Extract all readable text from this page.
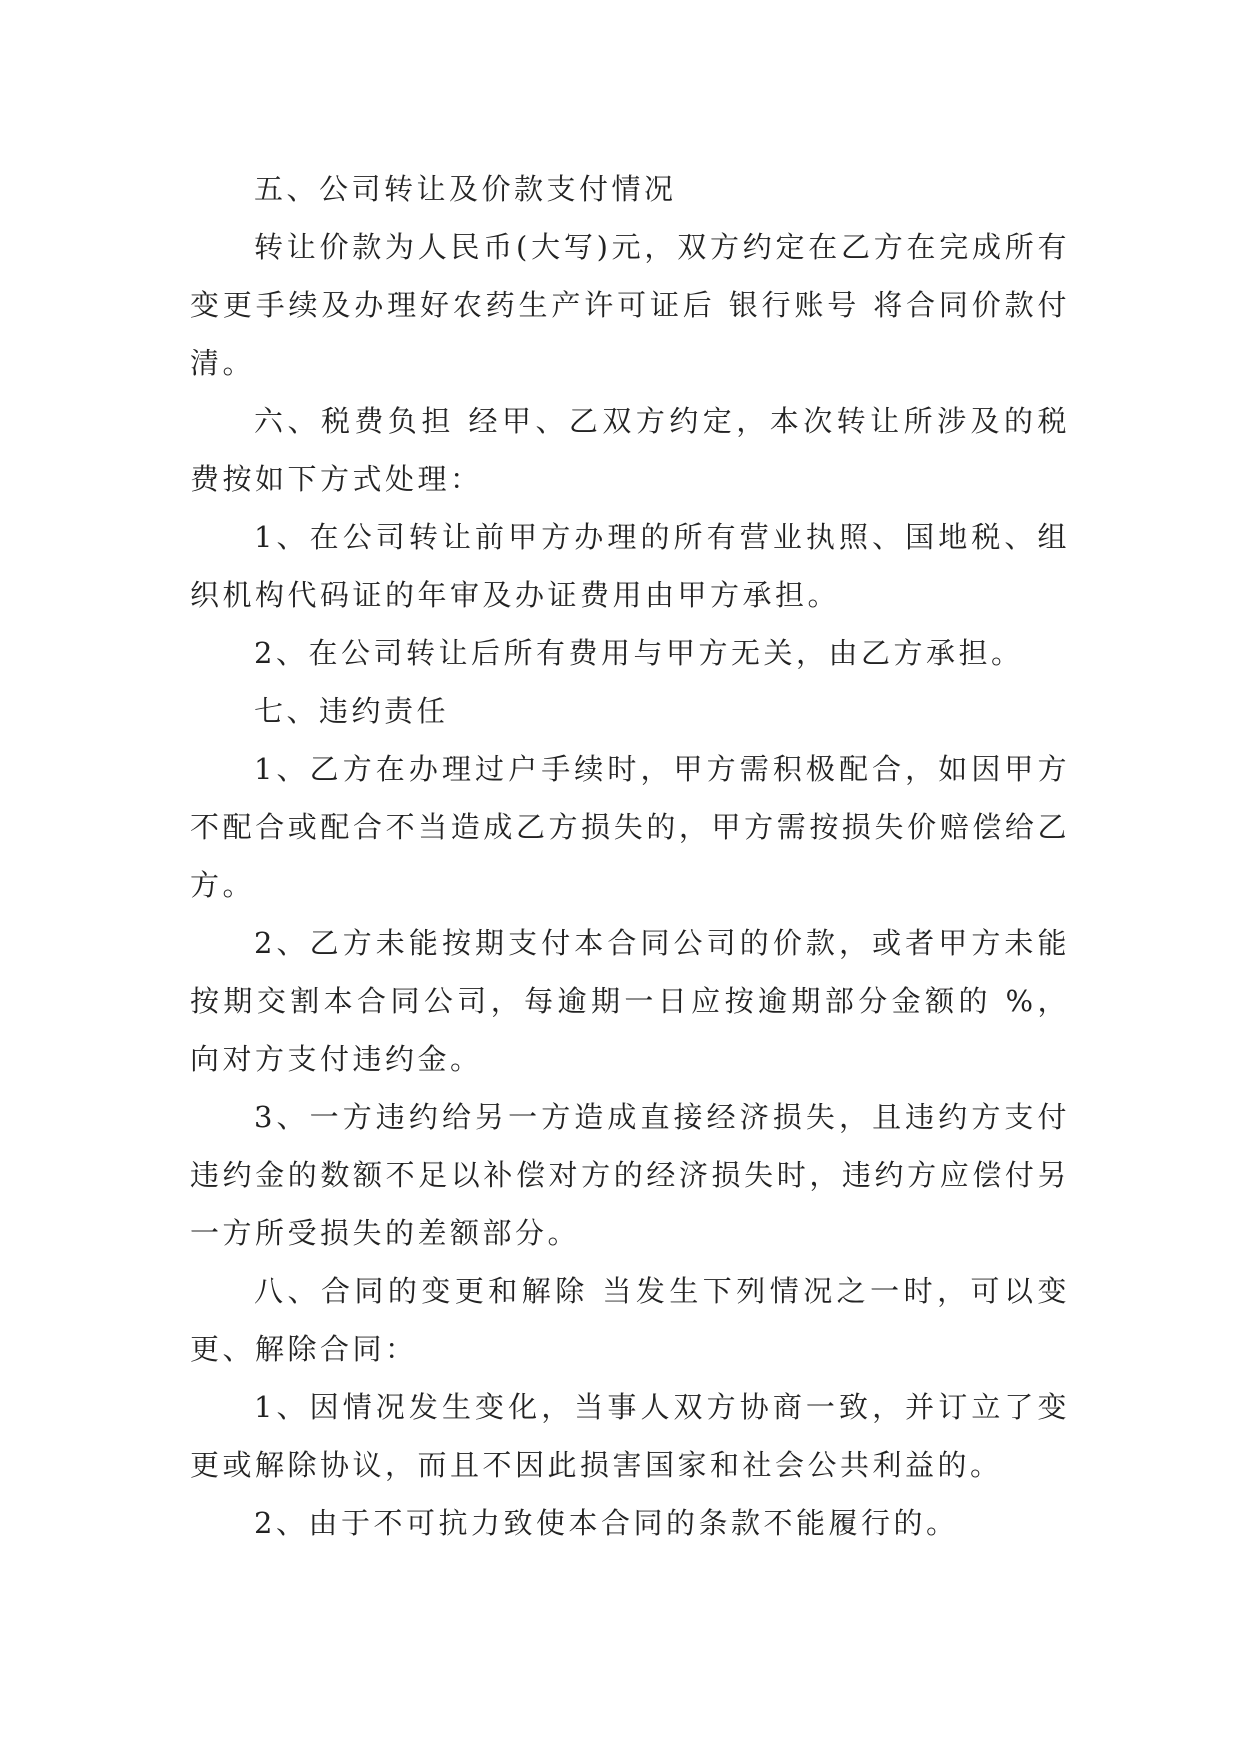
五、公司转让及价款支付情况

转让价款为人民币(大写)元，双方约定在乙方在完成所有变更手续及办理好农药生产许可证后 银行账号 将合同价款付清。

六、税费负担 经甲、乙双方约定，本次转让所涉及的税费按如下方式处理：

1、在公司转让前甲方办理的所有营业执照、国地税、组织机构代码证的年审及办证费用由甲方承担。

2、在公司转让后所有费用与甲方无关，由乙方承担。

七、违约责任

1、乙方在办理过户手续时，甲方需积极配合，如因甲方不配合或配合不当造成乙方损失的，甲方需按损失价赔偿给乙方。

2、乙方未能按期支付本合同公司的价款，或者甲方未能按期交割本合同公司，每逾期一日应按逾期部分金额的 %，向对方支付违约金。

3、一方违约给另一方造成直接经济损失，且违约方支付违约金的数额不足以补偿对方的经济损失时，违约方应偿付另一方所受损失的差额部分。

八、合同的变更和解除 当发生下列情况之一时，可以变更、解除合同：

1、因情况发生变化，当事人双方协商一致，并订立了变更或解除协议，而且不因此损害国家和社会公共利益的。

2、由于不可抗力致使本合同的条款不能履行的。
